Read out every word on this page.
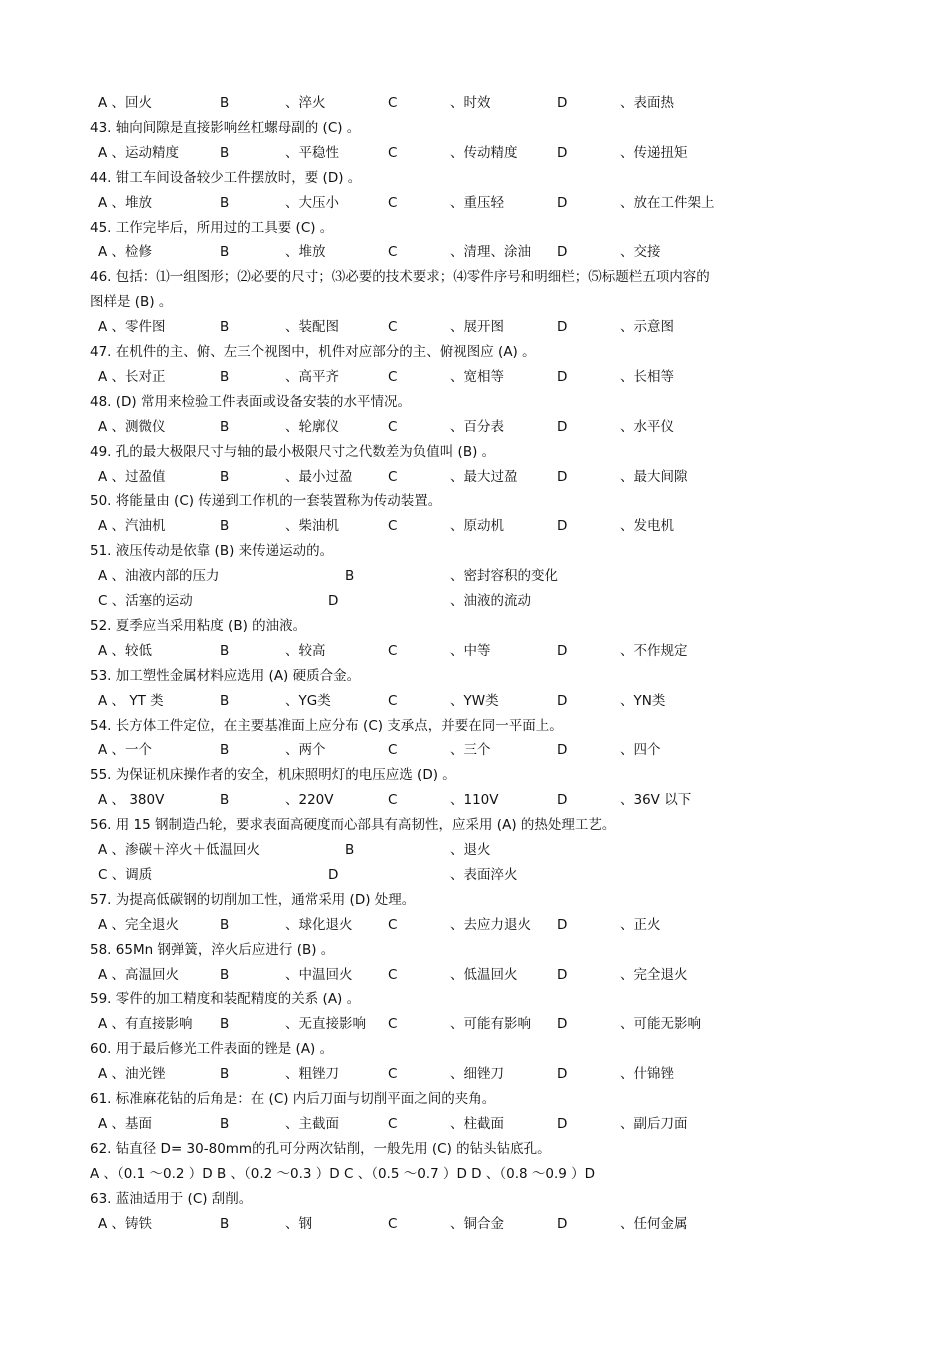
A 、回火	B	、淬火	C	、时效	D	、表面热
43. 轴向间隙是直接影响丝杠螺母副的 (C) 。
A 、运动精度	B	、平稳性	C	、传动精度	D	、传递扭矩
44. 钳工车间设备较少工件摆放时，要 (D) 。
A 、堆放	B	、大压小	C	、重压轻	D	、放在工件架上
45. 工作完毕后，所用过的工具要 (C) 。
A 、检修	B	、堆放	C	、清理、涂油 D	、交接
46. 包括：⑴一组图形；⑵必要的尺寸；⑶必要的技术要求；⑷零件序号和明细栏；⑸标题栏五项内容的
图样是 (B) 。
A 、零件图	B	、装配图	C	、展开图	D	、示意图
47. 在机件的主、俯、左三个视图中，机件对应部分的主、俯视图应 (A) 。
A 、长对正	B	、高平齐	C	、宽相等	D	、长相等
48. (D) 常用来检验工件表面或设备安装的水平情况。
A 、测微仪	B	、轮廓仪	C	、百分表	D	、水平仪
49. 孔的最大极限尺寸与轴的最小极限尺寸之代数差为负值叫 (B) 。
A 、过盈值	B	、最小过盈	C	、最大过盈	D	、最大间隙
50. 将能量由 (C) 传递到工作机的一套装置称为传动装置。
A 、汽油机	B	、柴油机	C	、原动机	D	、发电机
51. 液压传动是依靠 (B) 来传递运动的。
A 、油液内部的压力	B	、密封容积的变化
C 、活塞的运动	D	、油液的流动
52. 夏季应当采用粘度 (B) 的油液。
A 、较低	B	、较高	C	、中等	D	、不作规定
53. 加工塑性金属材料应选用 (A) 硬质合金。
A 、 YT 类	B	、YG类	C	、YW类	D	、YN类
54. 长方体工件定位，在主要基准面上应分布 (C) 支承点，并要在同一平面上。
A 、一个	B	、两个	C	、三个	D	、四个
55. 为保证机床操作者的安全，机床照明灯的电压应选 (D) 。
A 、 380V	B	、220V	C	、110V	D	、36V 以下
56. 用 15 钢制造凸轮，要求表面高硬度而心部具有高韧性，应采用 (A) 的热处理工艺。
A 、渗碳＋淬火＋低温回火	B	、退火
C 、调质	D	、表面淬火
57. 为提高低碳钢的切削加工性，通常采用 (D) 处理。
A 、完全退火	B	、球化退火	C	、去应力退火 D	、正火
58. 65Mn 钢弹簧，淬火后应进行 (B) 。
A 、高温回火	B	、中温回火	C	、低温回火	D	、完全退火
59. 零件的加工精度和装配精度的关系 (A) 。
A 、有直接影响 B	、无直接影响 C	、可能有影响 D	、可能无影响
60. 用于最后修光工件表面的锉是 (A) 。
A 、油光锉	B	、粗锉刀	C	、细锉刀	D	、什锦锉
61. 标准麻花钻的后角是：在 (C) 内后刀面与切削平面之间的夹角。
A 、基面	B	、主截面	C	、柱截面	D	、副后刀面
62. 钻直径 D= 30-80mm的孔可分两次钻削，一般先用 (C) 的钻头钻底孔。
A 、（0.1 ～0.2 ）D B 、（0.2 ～0.3 ）D C 、（0.5 ～0.7 ）D D 、（0.8 ～0.9 ）D
63. 蓝油适用于 (C) 刮削。
A 、铸铁	B	、钢	C	、铜合金	D	、任何金属
